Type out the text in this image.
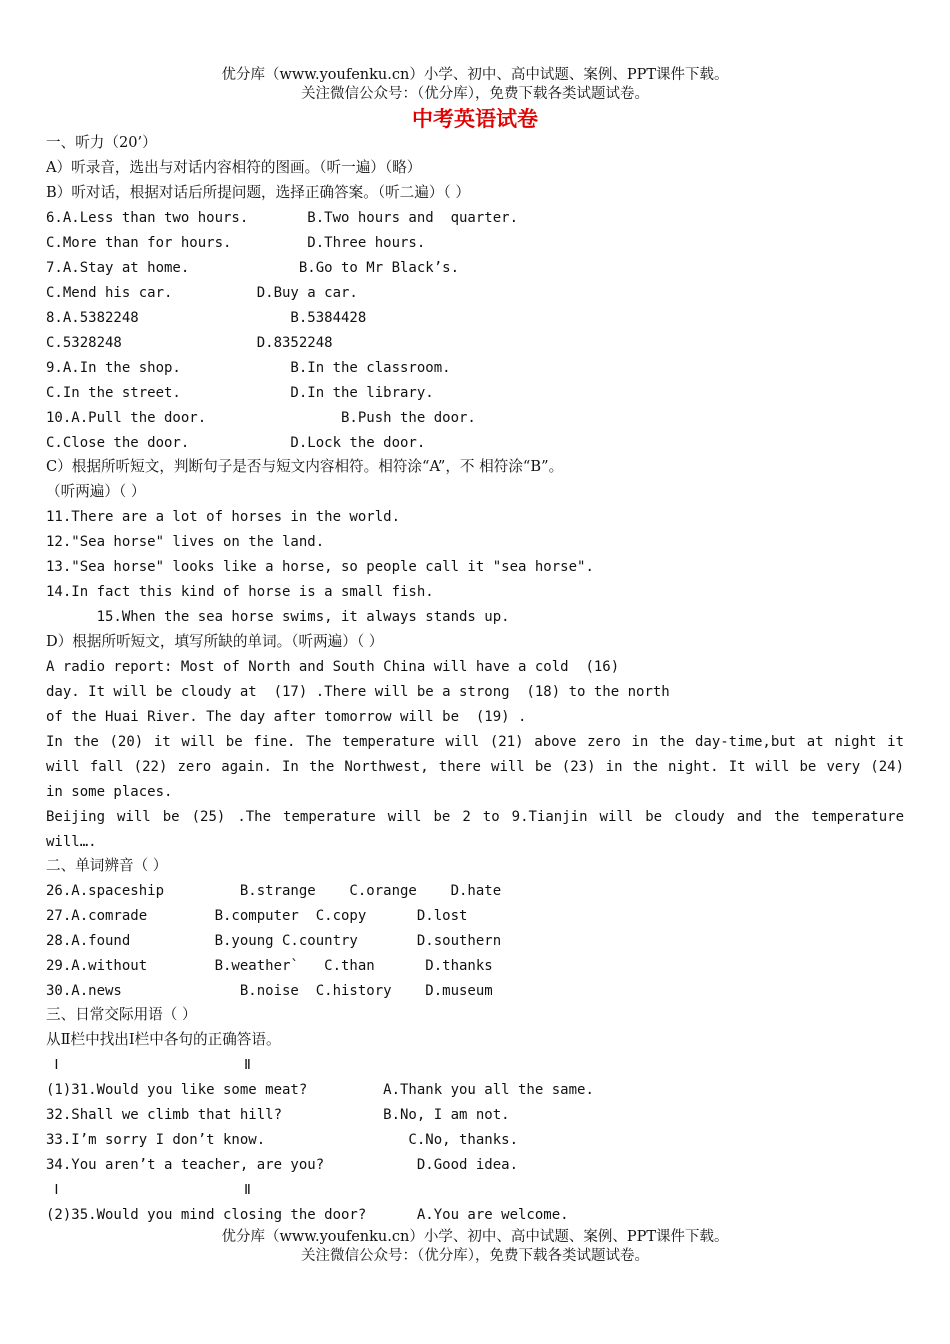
优分库（www.youfenku.cn）小学、初中、高中试题、案例、PPT课件下载。
关注微信公众号：（优分库），免费下载各类试题试卷。
中考英语试卷
一、听力（20’）
A）听录音，选出与对话内容相符的图画。（听一遍）（略）
B）听对话，根据对话后所提问题，选择正确答案。（听二遍）（ ）
6.A.Less than two hours.       B.Two hours and  quarter.
C.More than for hours.         D.Three hours.
7.A.Stay at home.             B.Go to Mr Black’s.
C.Mend his car.          D.Buy a car.
8.A.5382248                  B.5384428
C.5328248                D.8352248
9.A.In the shop.             B.In the classroom.
C.In the street.             D.In the library.
10.A.Pull the door.                B.Push the door.
C.Close the door.            D.Lock the door.
C）根据所听短文，判断句子是否与短文内容相符。相符涂“A”，不 相符涂“B”。
（听两遍）（ ）
11.There are a lot of horses in the world.
12."Sea horse" lives on the land.
13."Sea horse" looks like a horse, so people call it "sea horse".
14.In fact this kind of horse is a small fish.
15.When the sea horse swims, it always stands up.
D）根据所听短文，填写所缺的单词。（听两遍）（ ）
A radio report: Most of North and South China will have a cold  (16)
day. It will be cloudy at  (17) .There will be a strong  (18) to the north
of the Huai River. The day after tomorrow will be  (19) .
In the (20) it will be fine. The temperature will (21) above zero in the day-time,but at night it
will fall (22) zero again. In the Northwest, there will be (23) in the night. It will be very (24)
in some places.
Beijing will be (25) .The temperature will be 2 to 9.Tianjin will be cloudy and the temperature
will….
二、单词辨音（ ）
26.A.spaceship         B.strange    C.orange    D.hate
27.A.comrade        B.computer  C.copy      D.lost
28.A.found          B.young C.country       D.southern
29.A.without        B.weather`   C.than      D.thanks
30.A.news              B.noise  C.history    D.museum
三、日常交际用语（ ）
从Ⅱ栏中找出Ⅰ栏中各句的正确答语。
Ⅰ                      Ⅱ
(1)31.Would you like some meat?         A.Thank you all the same.
32.Shall we climb that hill?            B.No, I am not.
33.I’m sorry I don’t know.                 C.No, thanks.
34.You aren’t a teacher, are you?           D.Good idea.
Ⅰ                      Ⅱ
(2)35.Would you mind closing the door?      A.You are welcome.
优分库（www.youfenku.cn）小学、初中、高中试题、案例、PPT课件下载。
关注微信公众号：（优分库），免费下载各类试题试卷。
